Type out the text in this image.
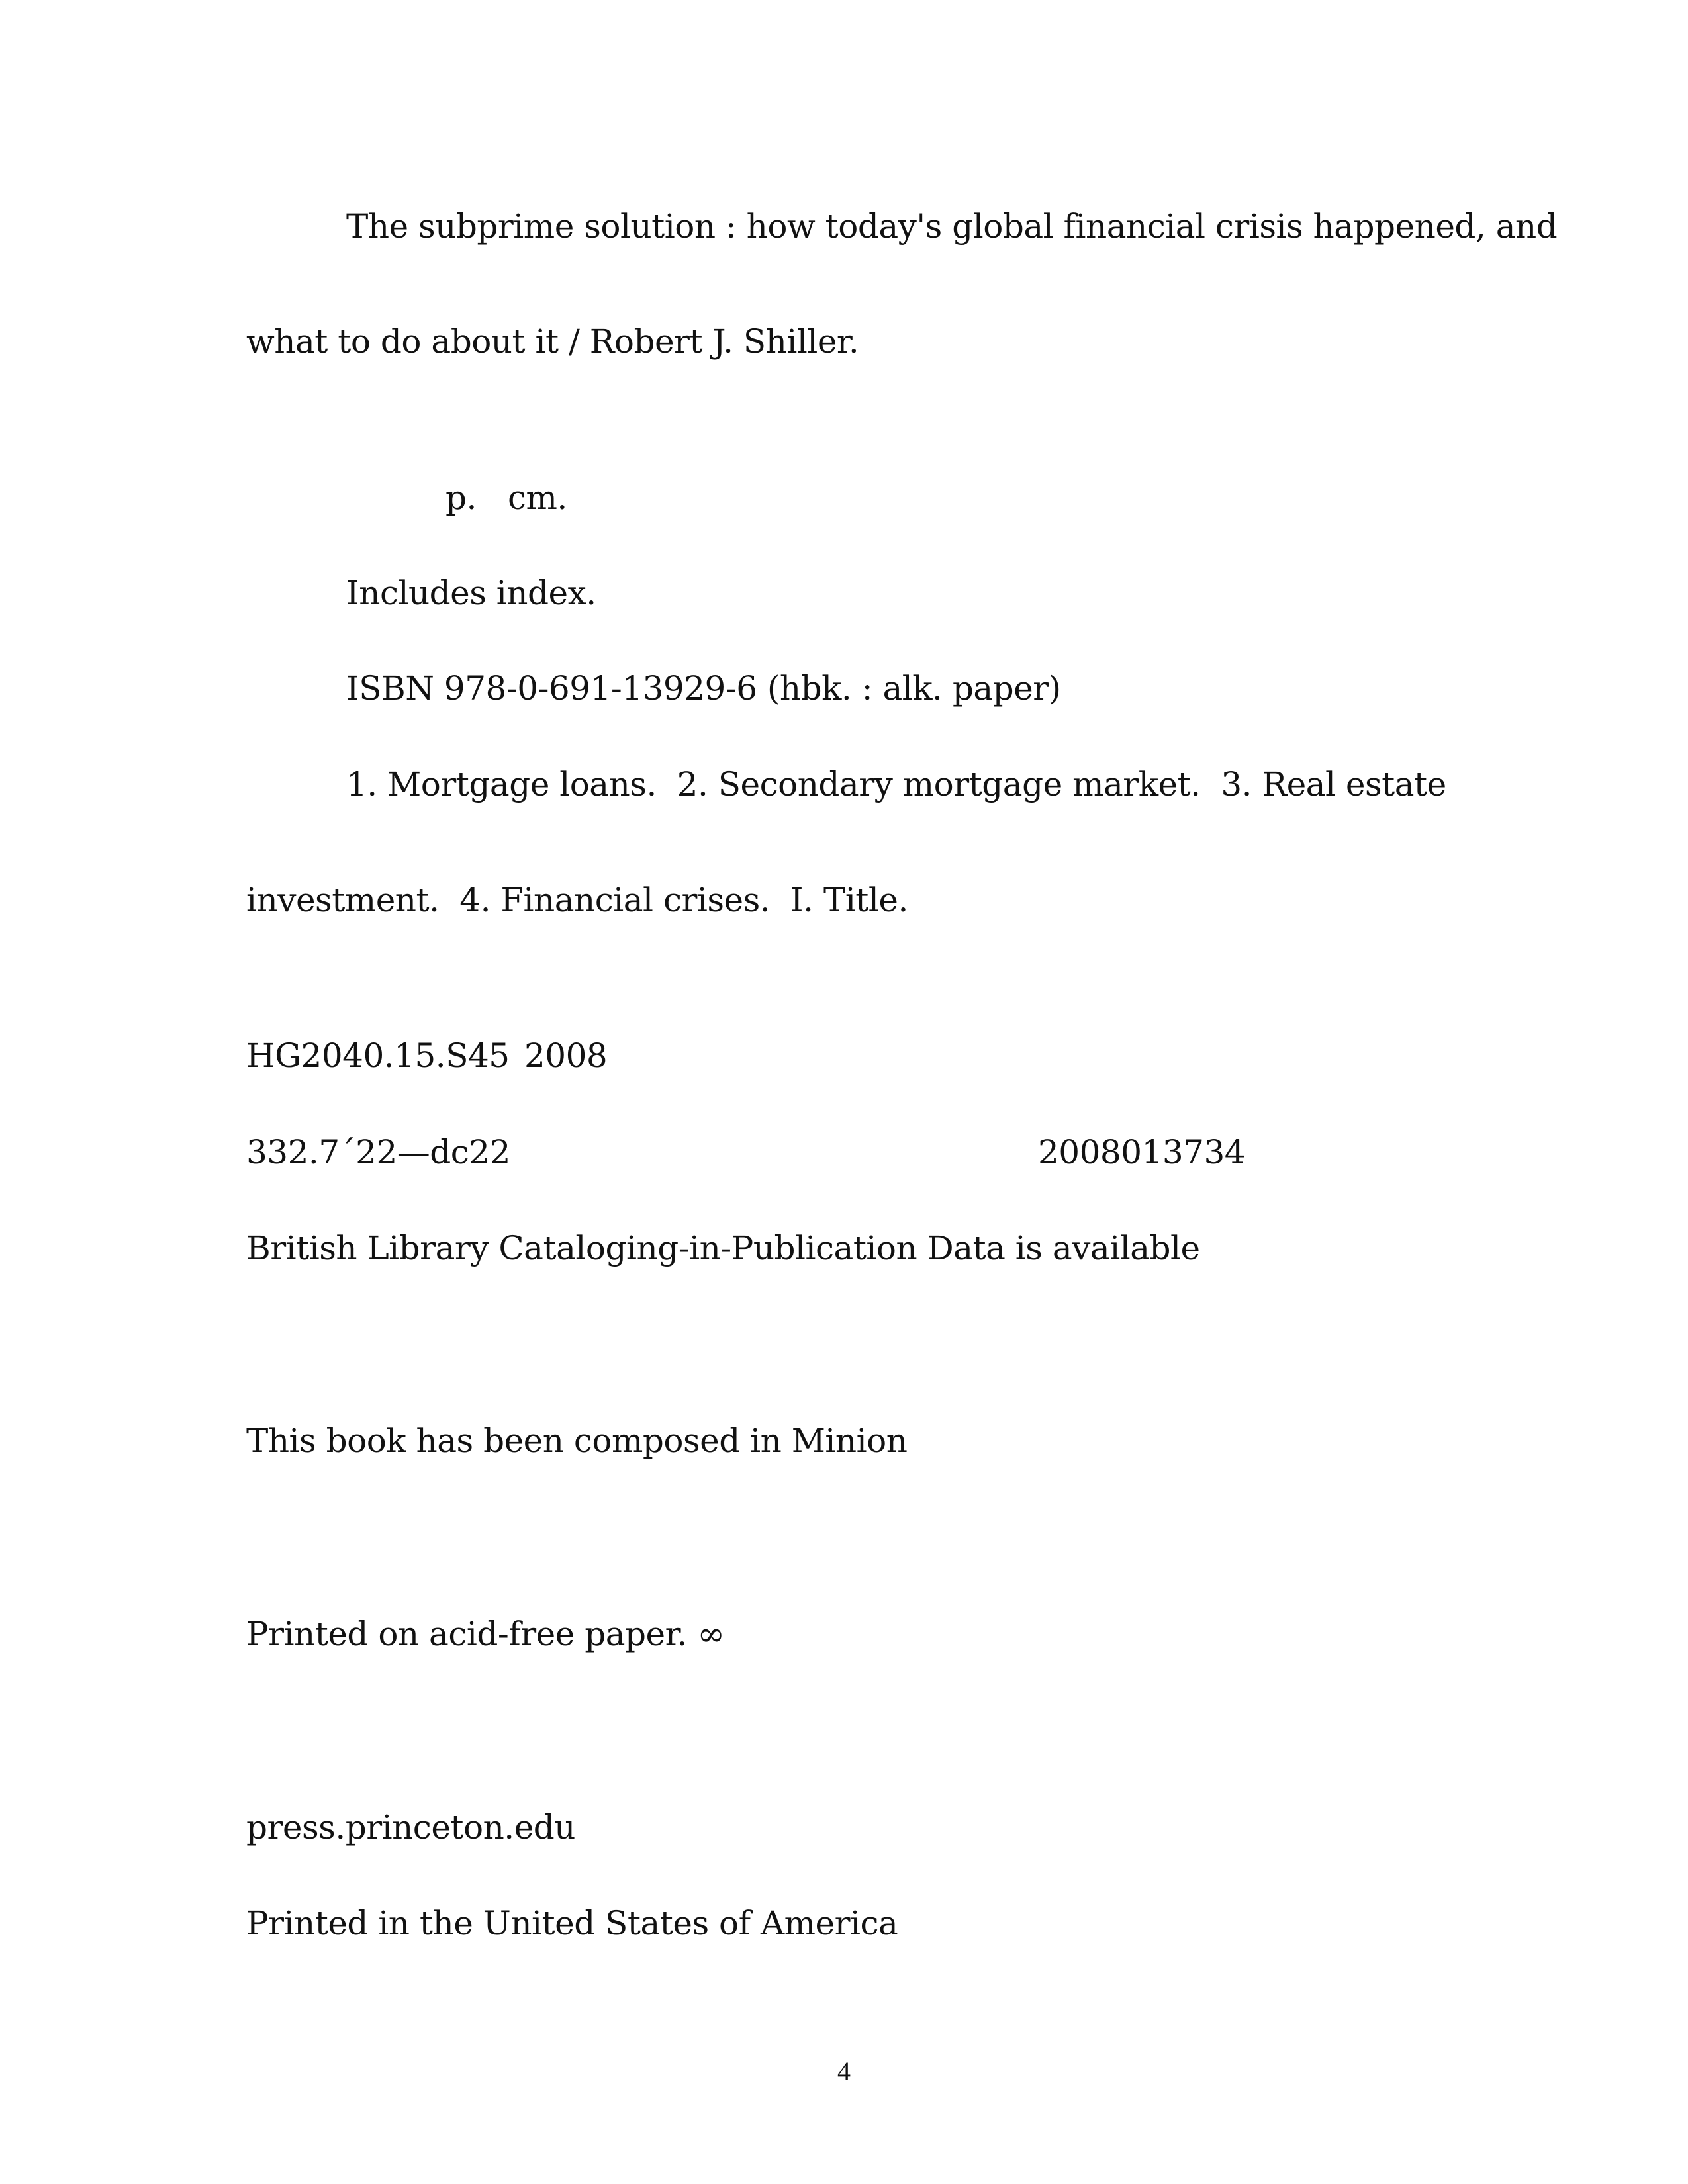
The subprime solution : how today's global financial crisis happened, and
what to do about it / Robert J. Shiller.
p. cm.
Includes index.
ISBN 978-0-691-13929-6 (hbk. : alk. paper)
1. Mortgage loans.  2. Secondary mortgage market.  3. Real estate
investment.  4. Financial crises.  I. Title.
HG2040.15.S45 2008
332.7´22—dc22	2008013734
British Library Cataloging-in-Publication Data is available
This book has been composed in Minion
Printed on acid-free paper. ∞
press.princeton.edu
Printed in the United States of America
4
